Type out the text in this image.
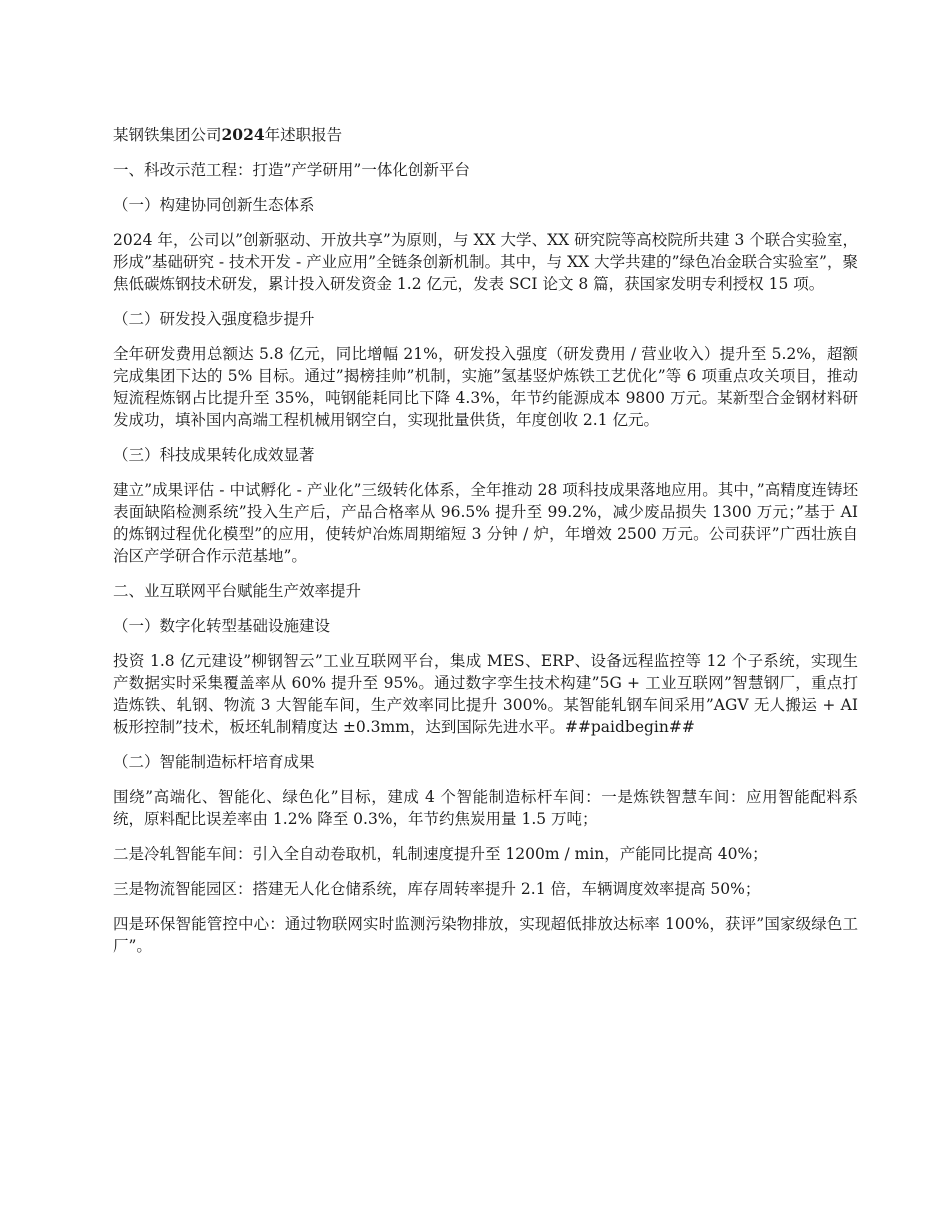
某钢铁集团公司2024年述职报告

一、科改示范工程：打造”产学研用”一体化创新平台

（一）构建协同创新生态体系

2024 年，公司以”创新驱动、开放共享”为原则，与 XX 大学、XX 研究院等高校院所共建 3 个联合实验室，形成”基础研究 - 技术开发 - 产业应用”全链条创新机制。其中，与 XX 大学共建的”绿色冶金联合实验室”，聚焦低碳炼钢技术研发，累计投入研发资金 1.2 亿元，发表 SCI 论文 8 篇，获国家发明专利授权 15 项。

（二）研发投入强度稳步提升

全年研发费用总额达 5.8 亿元，同比增幅 21%，研发投入强度（研发费用 / 营业收入）提升至 5.2%，超额完成集团下达的 5% 目标。通过”揭榜挂帅”机制，实施”氢基竖炉炼铁工艺优化”等 6 项重点攻关项目，推动短流程炼钢占比提升至 35%，吨钢能耗同比下降 4.3%，年节约能源成本 9800 万元。某新型合金钢材料研发成功，填补国内高端工程机械用钢空白，实现批量供货，年度创收 2.1 亿元。

（三）科技成果转化成效显著

建立”成果评估 - 中试孵化 - 产业化”三级转化体系，全年推动 28 项科技成果落地应用。其中，”高精度连铸坯表面缺陷检测系统”投入生产后，产品合格率从 96.5% 提升至 99.2%，减少废品损失 1300 万元；”基于 AI 的炼钢过程优化模型”的应用，使转炉冶炼周期缩短 3 分钟 / 炉，年增效 2500 万元。公司获评”广西壮族自治区产学研合作示范基地”。

二、业互联网平台赋能生产效率提升

（一）数字化转型基础设施建设

投资 1.8 亿元建设”柳钢智云”工业互联网平台，集成 MES、ERP、设备远程监控等 12 个子系统，实现生产数据实时采集覆盖率从 60% 提升至 95%。通过数字孪生技术构建”5G + 工业互联网”智慧钢厂，重点打造炼铁、轧钢、物流 3 大智能车间，生产效率同比提升 300%。某智能轧钢车间采用”AGV 无人搬运 + AI 板形控制”技术，板坯轧制精度达 ±0.3mm，达到国际先进水平。##paidbegin##

（二）智能制造标杆培育成果

围绕”高端化、智能化、绿色化”目标，建成 4 个智能制造标杆车间：一是炼铁智慧车间：应用智能配料系统，原料配比误差率由 1.2% 降至 0.3%，年节约焦炭用量 1.5 万吨；

二是冷轧智能车间：引入全自动卷取机，轧制速度提升至 1200m / min，产能同比提高 40%；

三是物流智能园区：搭建无人化仓储系统，库存周转率提升 2.1 倍，车辆调度效率提高 50%；

四是环保智能管控中心：通过物联网实时监测污染物排放，实现超低排放达标率 100%，获评”国家级绿色工厂”。
